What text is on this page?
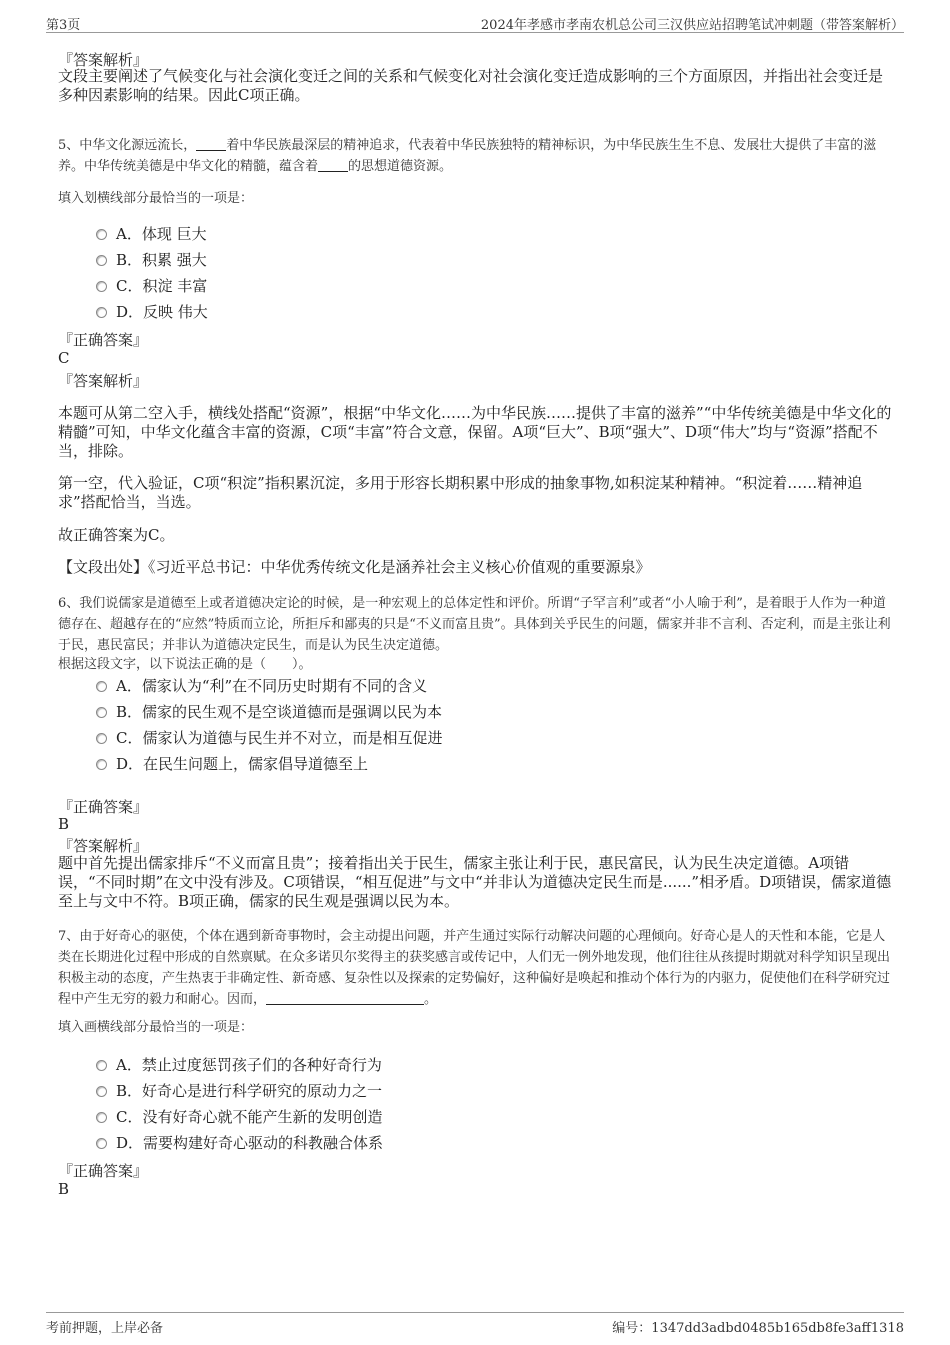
第3页	2024年孝感市孝南农机总公司三汉供应站招聘笔试冲刺题（带答案解析）
『答案解析』
文段主要阐述了气候变化与社会演化变迁之间的关系和气候变化对社会演化变迁造成影响的三个方面原因，并指出社会变迁是多种因素影响的结果。因此C项正确。
5、中华文化源远流长， 着中华民族最深层的精神追求，代表着中华民族独特的精神标识，为中华民族生生不息、发展壮大提供了丰富的滋养。中华传统美德是中华文化的精髓，蕴含着 的思想道德资源。
填入划横线部分最恰当的一项是：
A．体现 巨大
B．积累 强大
C．积淀 丰富
D．反映 伟大
『正确答案』
C
『答案解析』
本题可从第二空入手，横线处搭配“资源”，根据“中华文化……为中华民族……提供了丰富的滋养”“中华传统美德是中华文化的精髓”可知，中华文化蕴含丰富的资源，C项“丰富”符合文意，保留。A项“巨大”、B项“强大”、D项“伟大”均与“资源”搭配不当，排除。
第一空，代入验证，C项“积淀”指积累沉淀，多用于形容长期积累中形成的抽象事物,如积淀某种精神。“积淀着……精神追求”搭配恰当，当选。
故正确答案为C。
【文段出处】《习近平总书记：中华优秀传统文化是涵养社会主义核心价值观的重要源泉》
6、我们说儒家是道德至上或者道德决定论的时候，是一种宏观上的总体定性和评价。所谓“子罕言利”或者“小人喻于利”，是着眼于人作为一种道德存在、超越存在的“应然”特质而立论，所拒斥和鄙夷的只是“不义而富且贵”。具体到关乎民生的问题，儒家并非不言利、否定利，而是主张让利于民，惠民富民；并非认为道德决定民生，而是认为民生决定道德。
根据这段文字，以下说法正确的是（　　）。
A．儒家认为“利”在不同历史时期有不同的含义
B．儒家的民生观不是空谈道德而是强调以民为本
C．儒家认为道德与民生并不对立，而是相互促进
D．在民生问题上，儒家倡导道德至上
『正确答案』
B
『答案解析』
题中首先提出儒家排斥“不义而富且贵”；接着指出关于民生，儒家主张让利于民，惠民富民，认为民生决定道德。A项错误，“不同时期”在文中没有涉及。C项错误，“相互促进”与文中“并非认为道德决定民生而是......”相矛盾。D项错误，儒家道德至上与文中不符。B项正确，儒家的民生观是强调以民为本。
7、由于好奇心的驱使，个体在遇到新奇事物时，会主动提出问题，并产生通过实际行动解决问题的心理倾向。好奇心是人的天性和本能，它是人类在长期进化过程中形成的自然禀赋。在众多诺贝尔奖得主的获奖感言或传记中，人们无一例外地发现，他们往往从孩提时期就对科学知识呈现出积极主动的态度，产生热衷于非确定性、新奇感、复杂性以及探索的定势偏好，这种偏好是唤起和推动个体行为的内驱力，促使他们在科学研究过程中产生无穷的毅力和耐心。因而，	。
填入画横线部分最恰当的一项是：
A．禁止过度惩罚孩子们的各种好奇行为
B．好奇心是进行科学研究的原动力之一
C．没有好奇心就不能产生新的发明创造
D．需要构建好奇心驱动的科教融合体系
『正确答案』
B
考前押题，上岸必备	编号：1347dd3adbd0485b165db8fe3aff1318
